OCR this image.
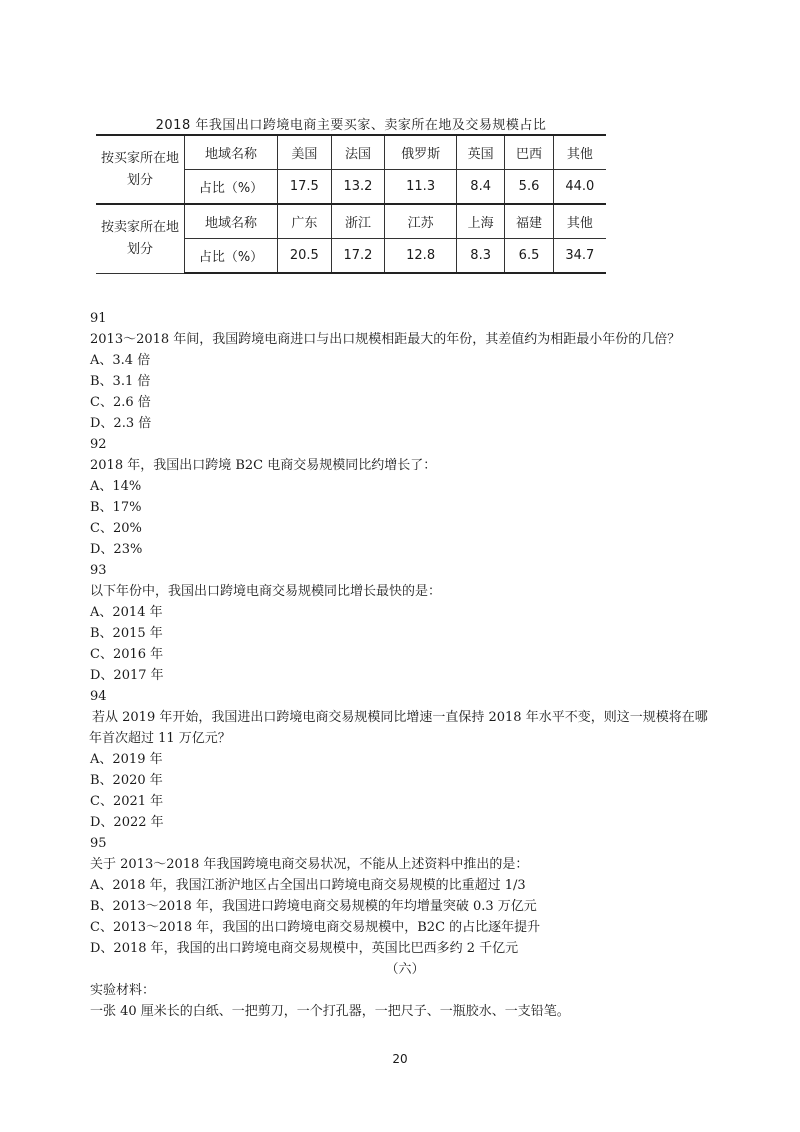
2018 年我国出口跨境电商主要买家、卖家所在地及交易规模占比
按买家所在地划分	地域名称	美国	法国	俄罗斯	英国	巴西	其他
	占比（%）	17.5	13.2	11.3	8.4	5.6	44.0
按卖家所在地划分	地域名称	广东	浙江	江苏	上海	福建	其他
	占比（%）	20.5	17.2	12.8	8.3	6.5	34.7
91
2013～2018 年间，我国跨境电商进口与出口规模相距最大的年份，其差值约为相距最小年份的几倍？
A、3.4 倍
B、3.1 倍
C、2.6 倍
D、2.3 倍
92
2018 年，我国出口跨境 B2C 电商交易规模同比约增长了：
A、14%
B、17%
C、20%
D、23%
93
以下年份中，我国出口跨境电商交易规模同比增长最快的是：
A、2014 年
B、2015 年
C、2016 年
D、2017 年
94
若从 2019 年开始，我国进出口跨境电商交易规模同比增速一直保持 2018 年水平不变，则这一规模将在哪
年首次超过 11 万亿元？
A、2019 年
B、2020 年
C、2021 年
D、2022 年
95
关于 2013～2018 年我国跨境电商交易状况，不能从上述资料中推出的是：
A、2018 年，我国江浙沪地区占全国出口跨境电商交易规模的比重超过 1/3
B、2013～2018 年，我国进口跨境电商交易规模的年均增量突破 0.3 万亿元
C、2013～2018 年，我国的出口跨境电商交易规模中，B2C 的占比逐年提升
D、2018 年，我国的出口跨境电商交易规模中，英国比巴西多约 2 千亿元
（六）
实验材料：
一张 40 厘米长的白纸、一把剪刀，一个打孔器，一把尺子、一瓶胶水、一支铅笔。
20
